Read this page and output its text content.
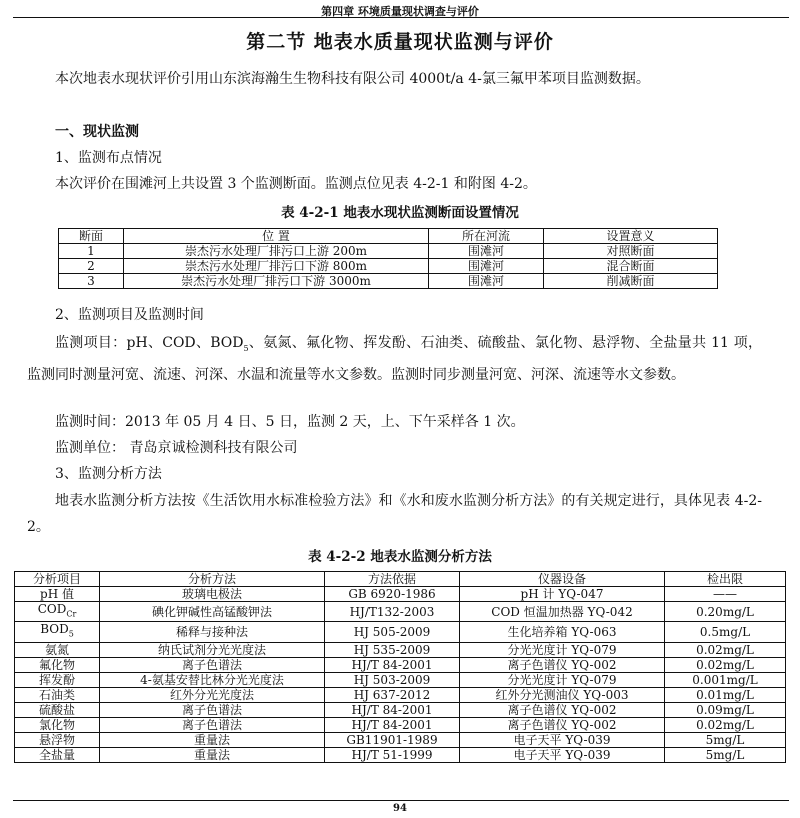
第四章 环境质量现状调查与评价
第二节 地表水质量现状监测与评价
本次地表水现状评价引用山东滨海瀚生生物科技有限公司 4000t/a 4-氯三氟甲苯项目监测数据。
一、现状监测
1、监测布点情况
本次评价在围滩河上共设置 3 个监测断面。监测点位见表 4-2-1 和附图 4-2。
表 4-2-1 地表水现状监测断面设置情况
断面	位 置	所在河流	设置意义
1	崇杰污水处理厂排污口上游 200m	围滩河	对照断面
2	崇杰污水处理厂排污口下游 800m	围滩河	混合断面
3	崇杰污水处理厂排污口下游 3000m	围滩河	削减断面
2、监测项目及监测时间
监测项目：pH、COD、$BOD_5$、氨氮、氟化物、挥发酚、石油类、硫酸盐、氯化物、悬浮物、全盐量共 11 项，监测同时测量河宽、流速、河深、水温和流量等水文参数。监测时同步测量河宽、河深、流速等水文参数。
监测时间：2013 年 05 月 4 日、5 日，监测 2 天，上、下午采样各 1 次。
监测单位： 青岛京诚检测科技有限公司
3、监测分析方法
地表水监测分析方法按《生活饮用水标准检验方法》和《水和废水监测分析方法》的有关规定进行，具体见表 4-2-2。
表 4-2-2 地表水监测分析方法
分析项目	分析方法	方法依据	仪器设备	检出限
pH 值	玻璃电极法	GB 6920-1986	pH 计 YQ-047	——
$COD_{Cr}$	碘化钾碱性高锰酸钾法	HJ/T132-2003	COD 恒温加热器 YQ-042	0.20mg/L
$BOD_5$	稀释与接种法	HJ 505-2009	生化培养箱 YQ-063	0.5mg/L
氨氮	纳氏试剂分光光度法	HJ 535-2009	分光光度计 YQ-079	0.02mg/L
氟化物	离子色谱法	HJ/T 84-2001	离子色谱仪 YQ-002	0.02mg/L
挥发酚	4-氨基安替比林分光光度法	HJ 503-2009	分光光度计 YQ-079	0.001mg/L
石油类	红外分光光度法	HJ 637-2012	红外分光测油仪 YQ-003	0.01mg/L
硫酸盐	离子色谱法	HJ/T 84-2001	离子色谱仪 YQ-002	0.09mg/L
氯化物	离子色谱法	HJ/T 84-2001	离子色谱仪 YQ-002	0.02mg/L
悬浮物	重量法	GB11901-1989	电子天平 YQ-039	5mg/L
全盐量	重量法	HJ/T 51-1999	电子天平 YQ-039	5mg/L
94
